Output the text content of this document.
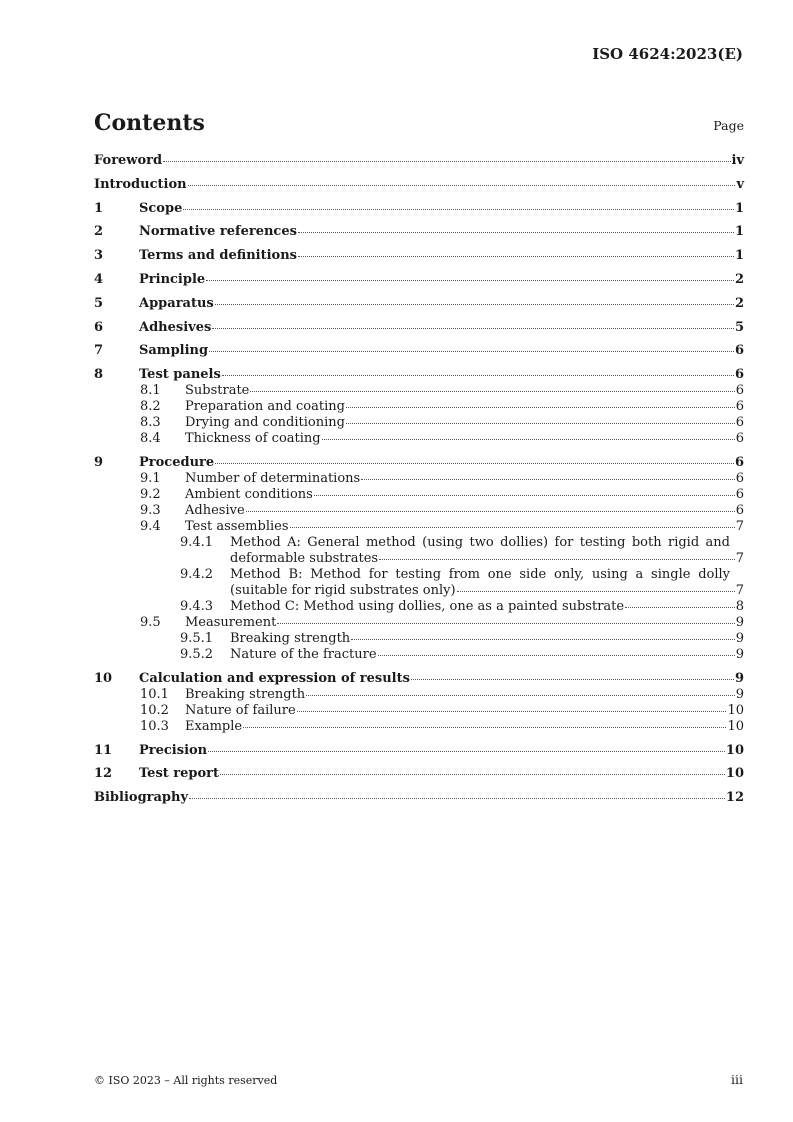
ISO 4624:2023(E)
Contents	Page
Foreword	iv
Introduction	v
1	Scope	1
2	Normative references	1
3	Terms and definitions	1
4	Principle	2
5	Apparatus	2
6	Adhesives	5
7	Sampling	6
8	Test panels	6
8.1 Substrate	6
8.2 Preparation and coating	6
8.3 Drying and conditioning	6
8.4 Thickness of coating	6
9	Procedure	6
9.1 Number of determinations	6
9.2 Ambient conditions	6
9.3 Adhesive	6
9.4 Test assemblies	7
9.4.1 Method A: General method (using two dollies) for testing both rigid and
deformable substrates	7
9.4.2 Method B: Method for testing from one side only, using a single dolly
(suitable for rigid substrates only)	7
9.4.3 Method C: Method using dollies, one as a painted substrate	8
9.5 Measurement	9
9.5.1 Breaking strength	9
9.5.2 Nature of the fracture	9
10 Calculation and expression of results	9
10.1 Breaking strength	9
10.2 Nature of failure	10
10.3 Example	10
11 Precision	10
12 Test report	10
Bibliography	12
© ISO 2023 – All rights reserved	iii
